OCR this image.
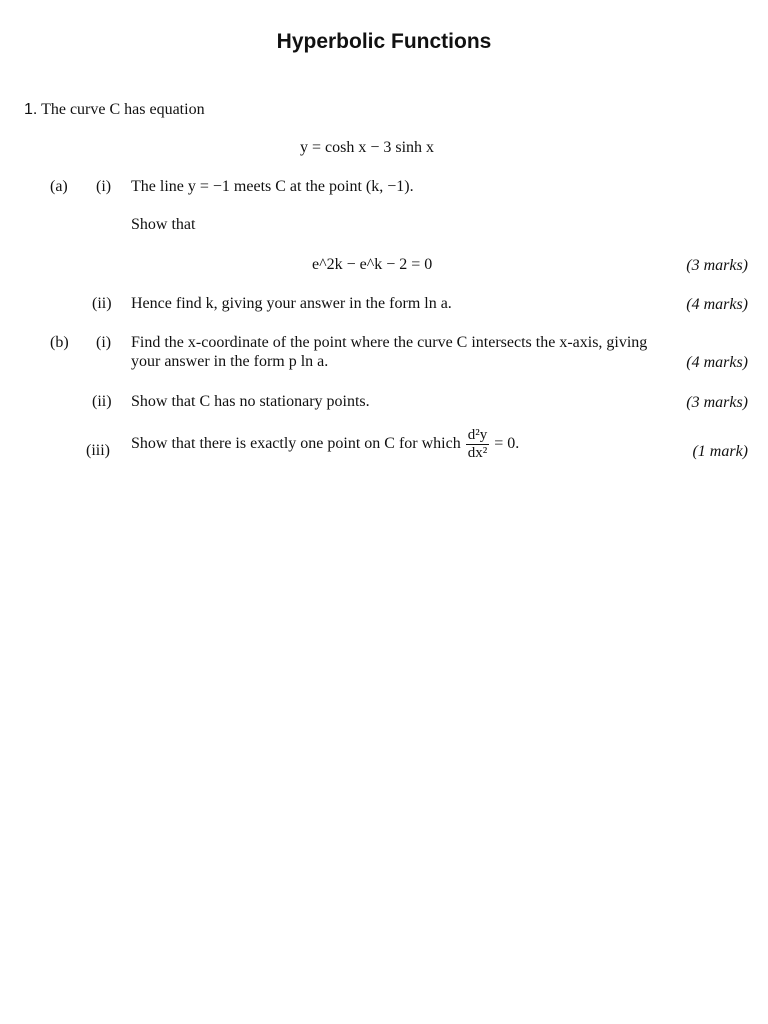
Hyperbolic Functions
1. The curve C has equation
y = cosh x − 3 sinh x
(a) (i) The line y = −1 meets C at the point (k, −1).
Show that
e^2k − e^k − 2 = 0	(3 marks)
(ii) Hence find k, giving your answer in the form ln a.	(4 marks)
(b) (i) Find the x-coordinate of the point where the curve C intersects the x-axis, giving
your answer in the form p ln a.	(4 marks)
(ii) Show that C has no stationary points.	(3 marks)
(iii) Show that there is exactly one point on C for which $\frac{\text{d²y}}{\text{dx²}} = 0$.	(1 mark)
